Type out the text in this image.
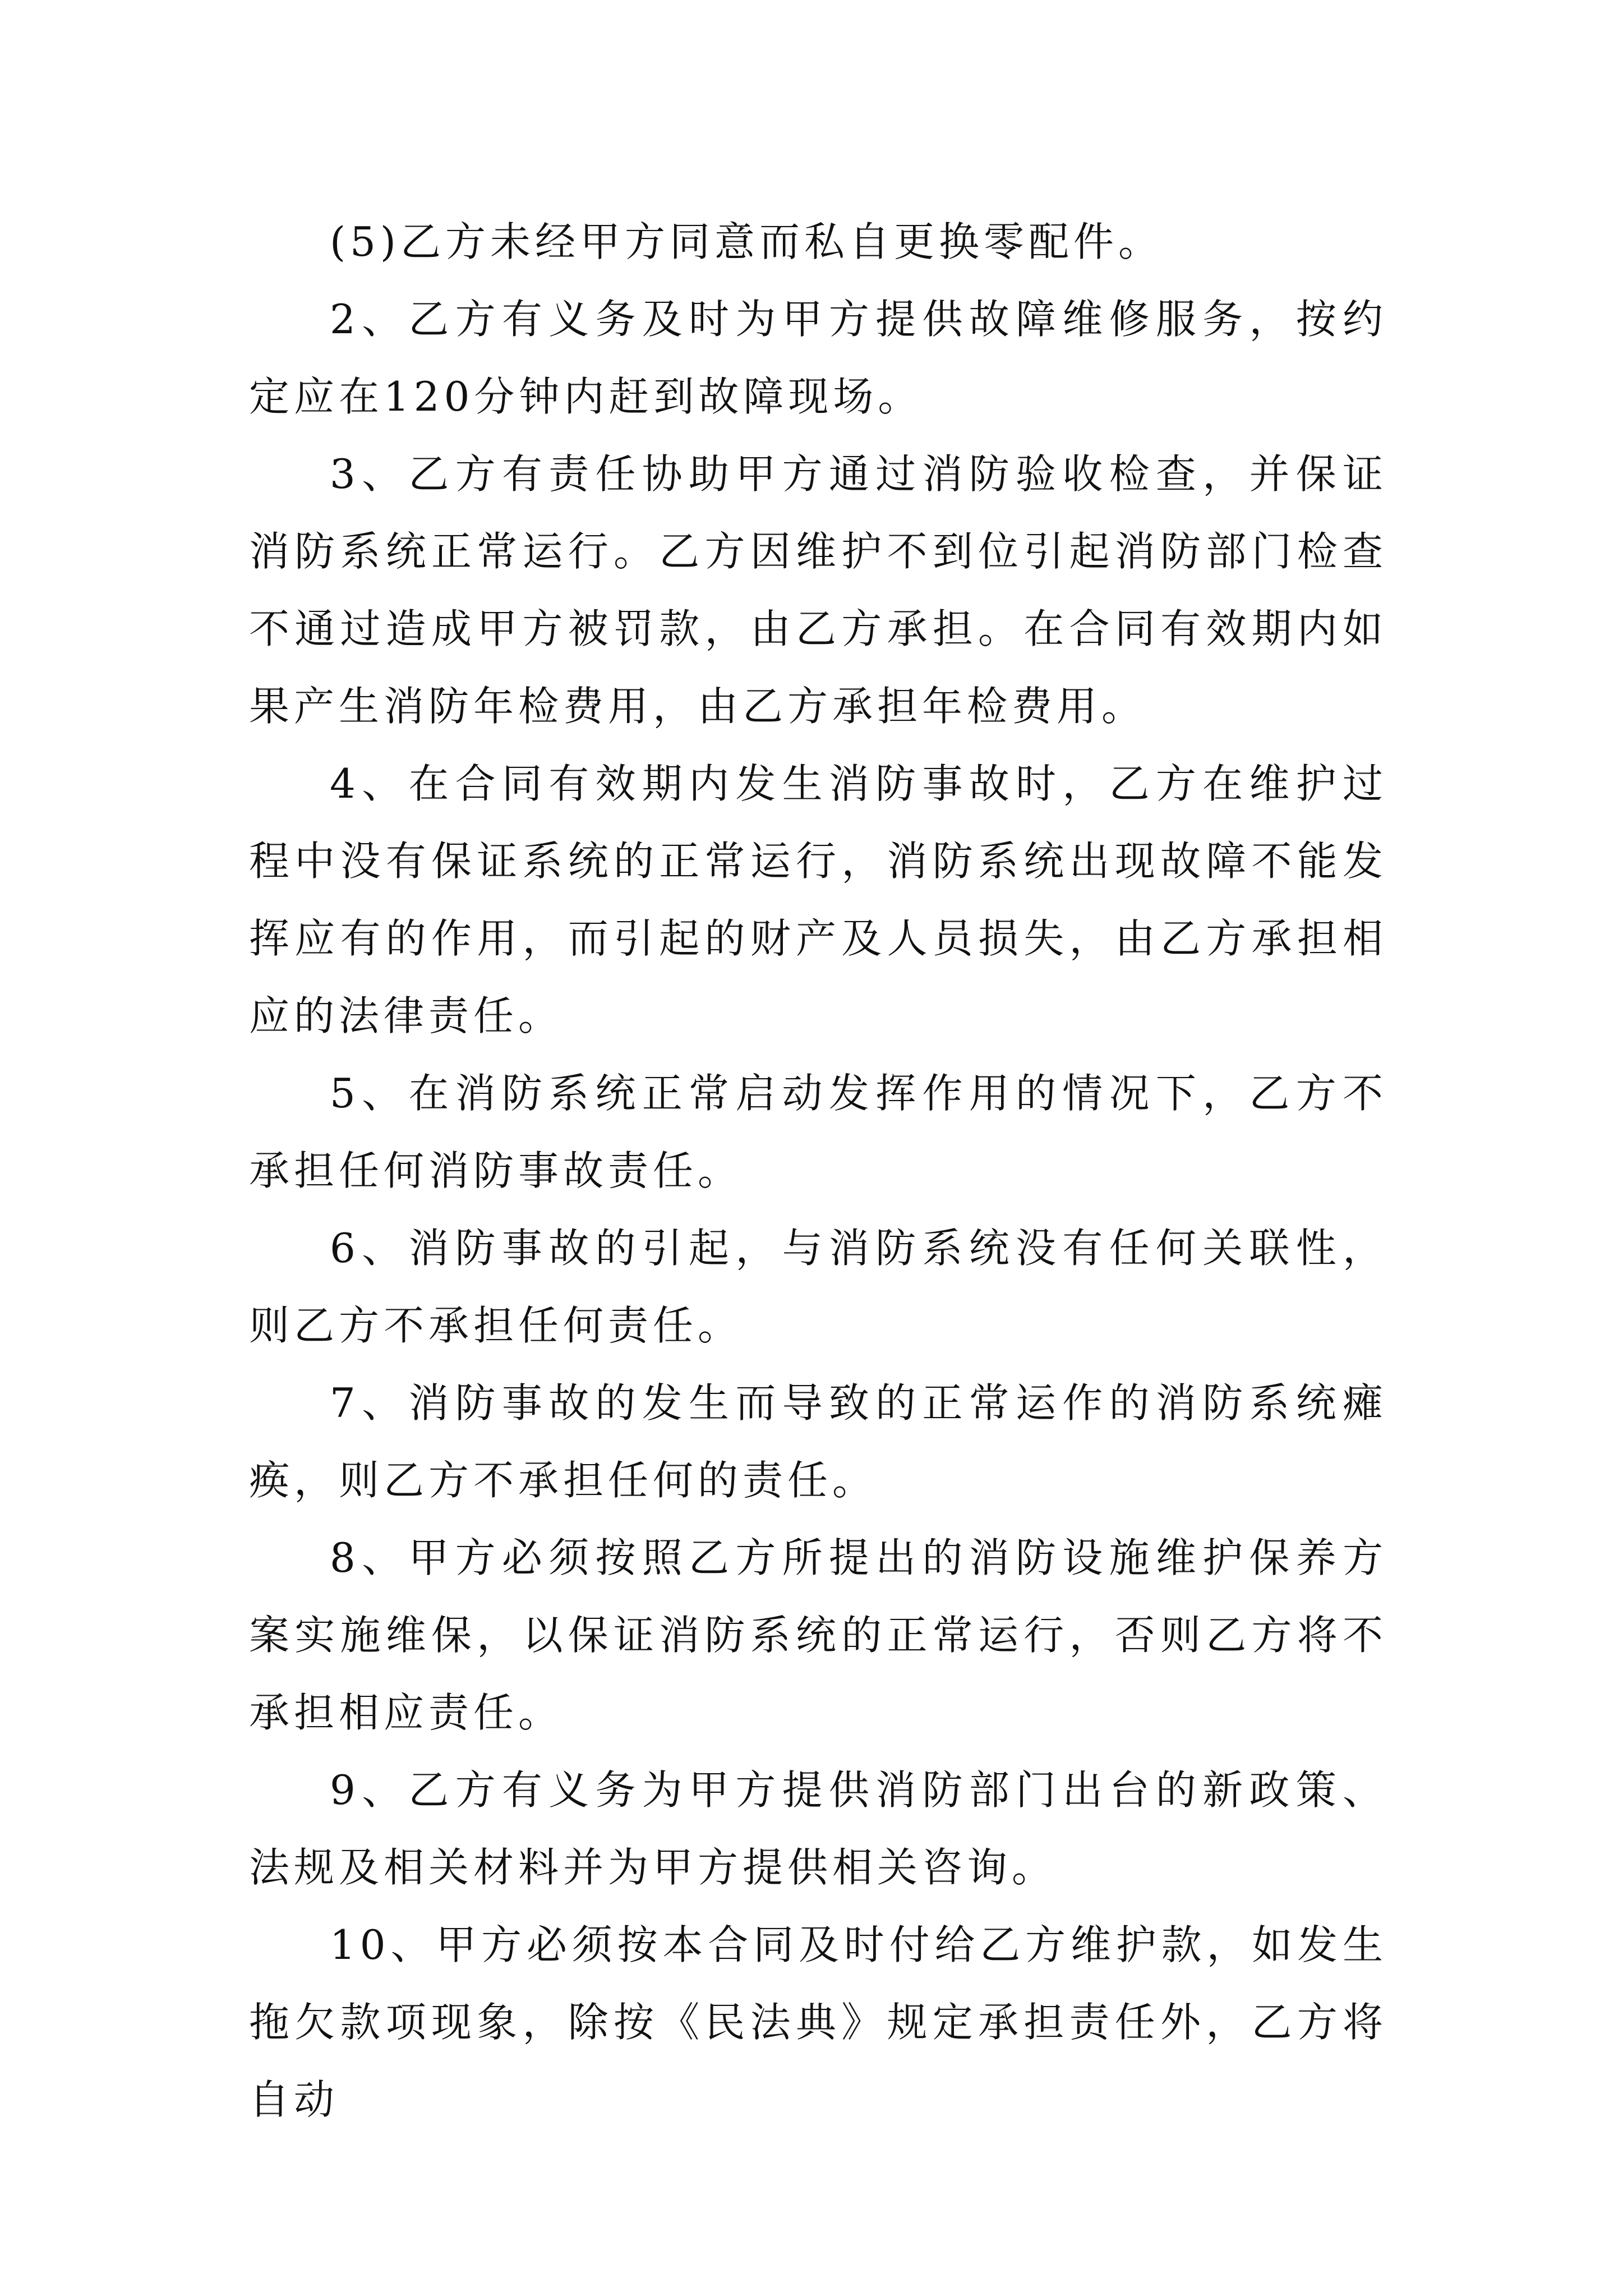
(5)乙方未经甲方同意而私自更换零配件。

2、乙方有义务及时为甲方提供故障维修服务，按约定应在120分钟内赶到故障现场。

3、乙方有责任协助甲方通过消防验收检查，并保证消防系统正常运行。乙方因维护不到位引起消防部门检查不通过造成甲方被罚款，由乙方承担。在合同有效期内如果产生消防年检费用，由乙方承担年检费用。

4、在合同有效期内发生消防事故时，乙方在维护过程中没有保证系统的正常运行，消防系统出现故障不能发挥应有的作用，而引起的财产及人员损失，由乙方承担相应的法律责任。

5、在消防系统正常启动发挥作用的情况下，乙方不承担任何消防事故责任。

6、消防事故的引起，与消防系统没有任何关联性，则乙方不承担任何责任。

7、消防事故的发生而导致的正常运作的消防系统瘫痪，则乙方不承担任何的责任。

8、甲方必须按照乙方所提出的消防设施维护保养方案实施维保，以保证消防系统的正常运行，否则乙方将不承担相应责任。

9、乙方有义务为甲方提供消防部门出台的新政策、法规及相关材料并为甲方提供相关咨询。

10、甲方必须按本合同及时付给乙方维护款，如发生拖欠款项现象，除按《民法典》规定承担责任外，乙方将自动
